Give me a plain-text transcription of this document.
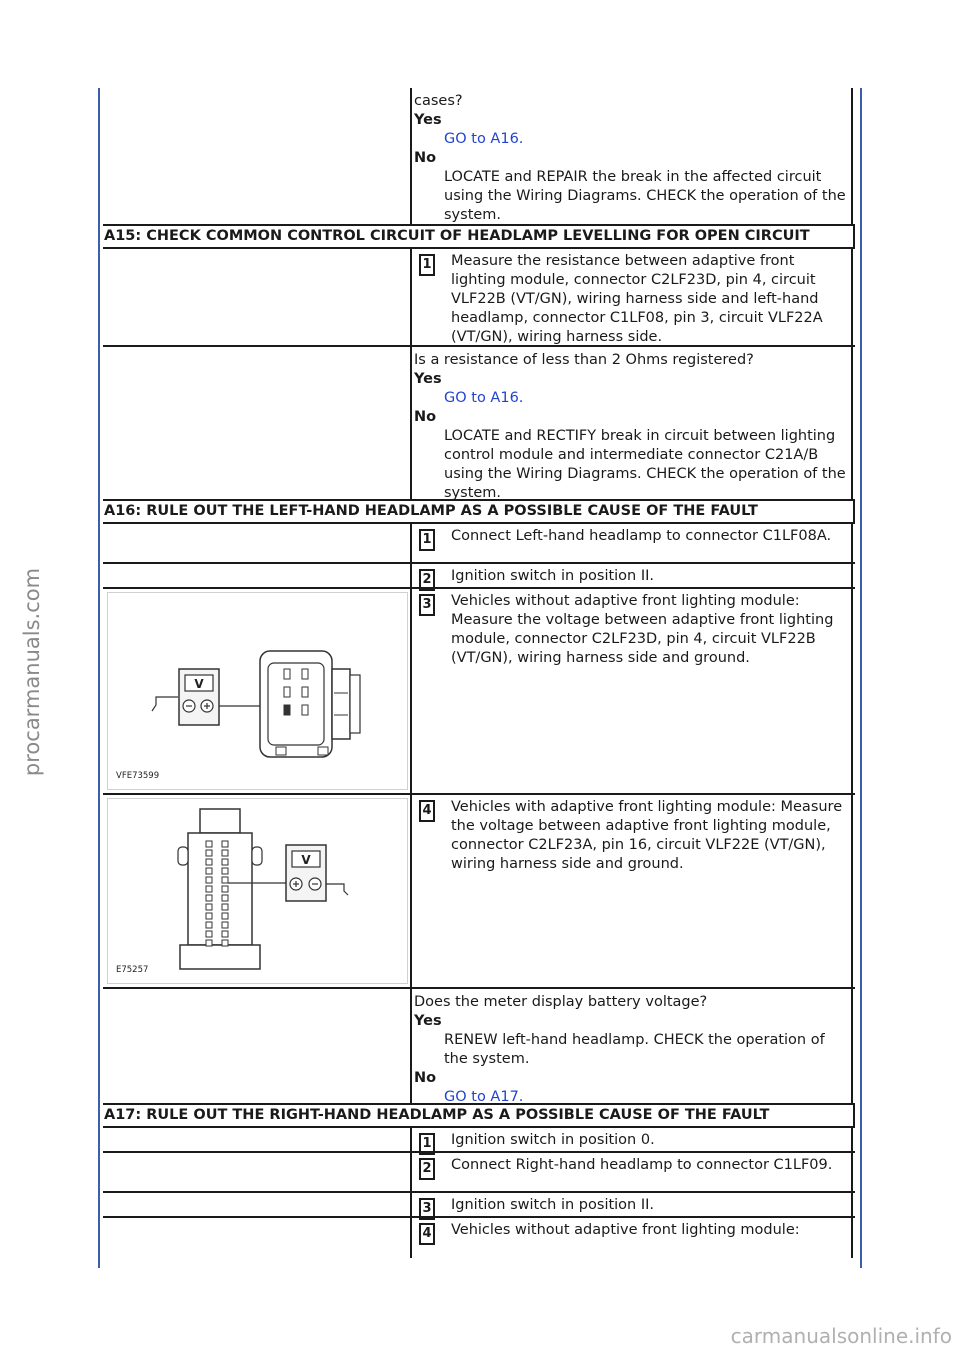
procarmanuals.com
carmanualsonline.info
cases?
Yes
GO to A16.
No
LOCATE and REPAIR the break in the affected circuit using the Wiring Diagrams. CHECK the operation of the system.
A15: CHECK COMMON CONTROL CIRCUIT OF HEADLAMP LEVELLING FOR OPEN CIRCUIT
1 Measure the resistance between adaptive front lighting module, connector C2LF23D, pin 4, circuit VLF22B (VT/GN), wiring harness side and left-hand headlamp, connector C1LF08, pin 3, circuit VLF22A (VT/GN), wiring harness side.
Is a resistance of less than 2 Ohms registered?
Yes
GO to A16.
No
LOCATE and RECTIFY break in circuit between lighting control module and intermediate connector C21A/B using the Wiring Diagrams. CHECK the operation of the system.
A16: RULE OUT THE LEFT-HAND HEADLAMP AS A POSSIBLE CAUSE OF THE FAULT
1 Connect Left-hand headlamp to connector C1LF08A.
2 Ignition switch in position II.
V
VFE73599
3 Vehicles without adaptive front lighting module: Measure the voltage between adaptive front lighting module, connector C2LF23D, pin 4, circuit VLF22B (VT/GN), wiring harness side and ground.
V
E75257
4 Vehicles with adaptive front lighting module: Measure the voltage between adaptive front lighting module, connector C2LF23A, pin 16, circuit VLF22E (VT/GN), wiring harness side and ground.
Does the meter display battery voltage?
Yes
RENEW left-hand headlamp. CHECK the operation of the system.
No
GO to A17.
A17: RULE OUT THE RIGHT-HAND HEADLAMP AS A POSSIBLE CAUSE OF THE FAULT
1 Ignition switch in position 0.
2 Connect Right-hand headlamp to connector C1LF09.
3 Ignition switch in position II.
4 Vehicles without adaptive front lighting module:
